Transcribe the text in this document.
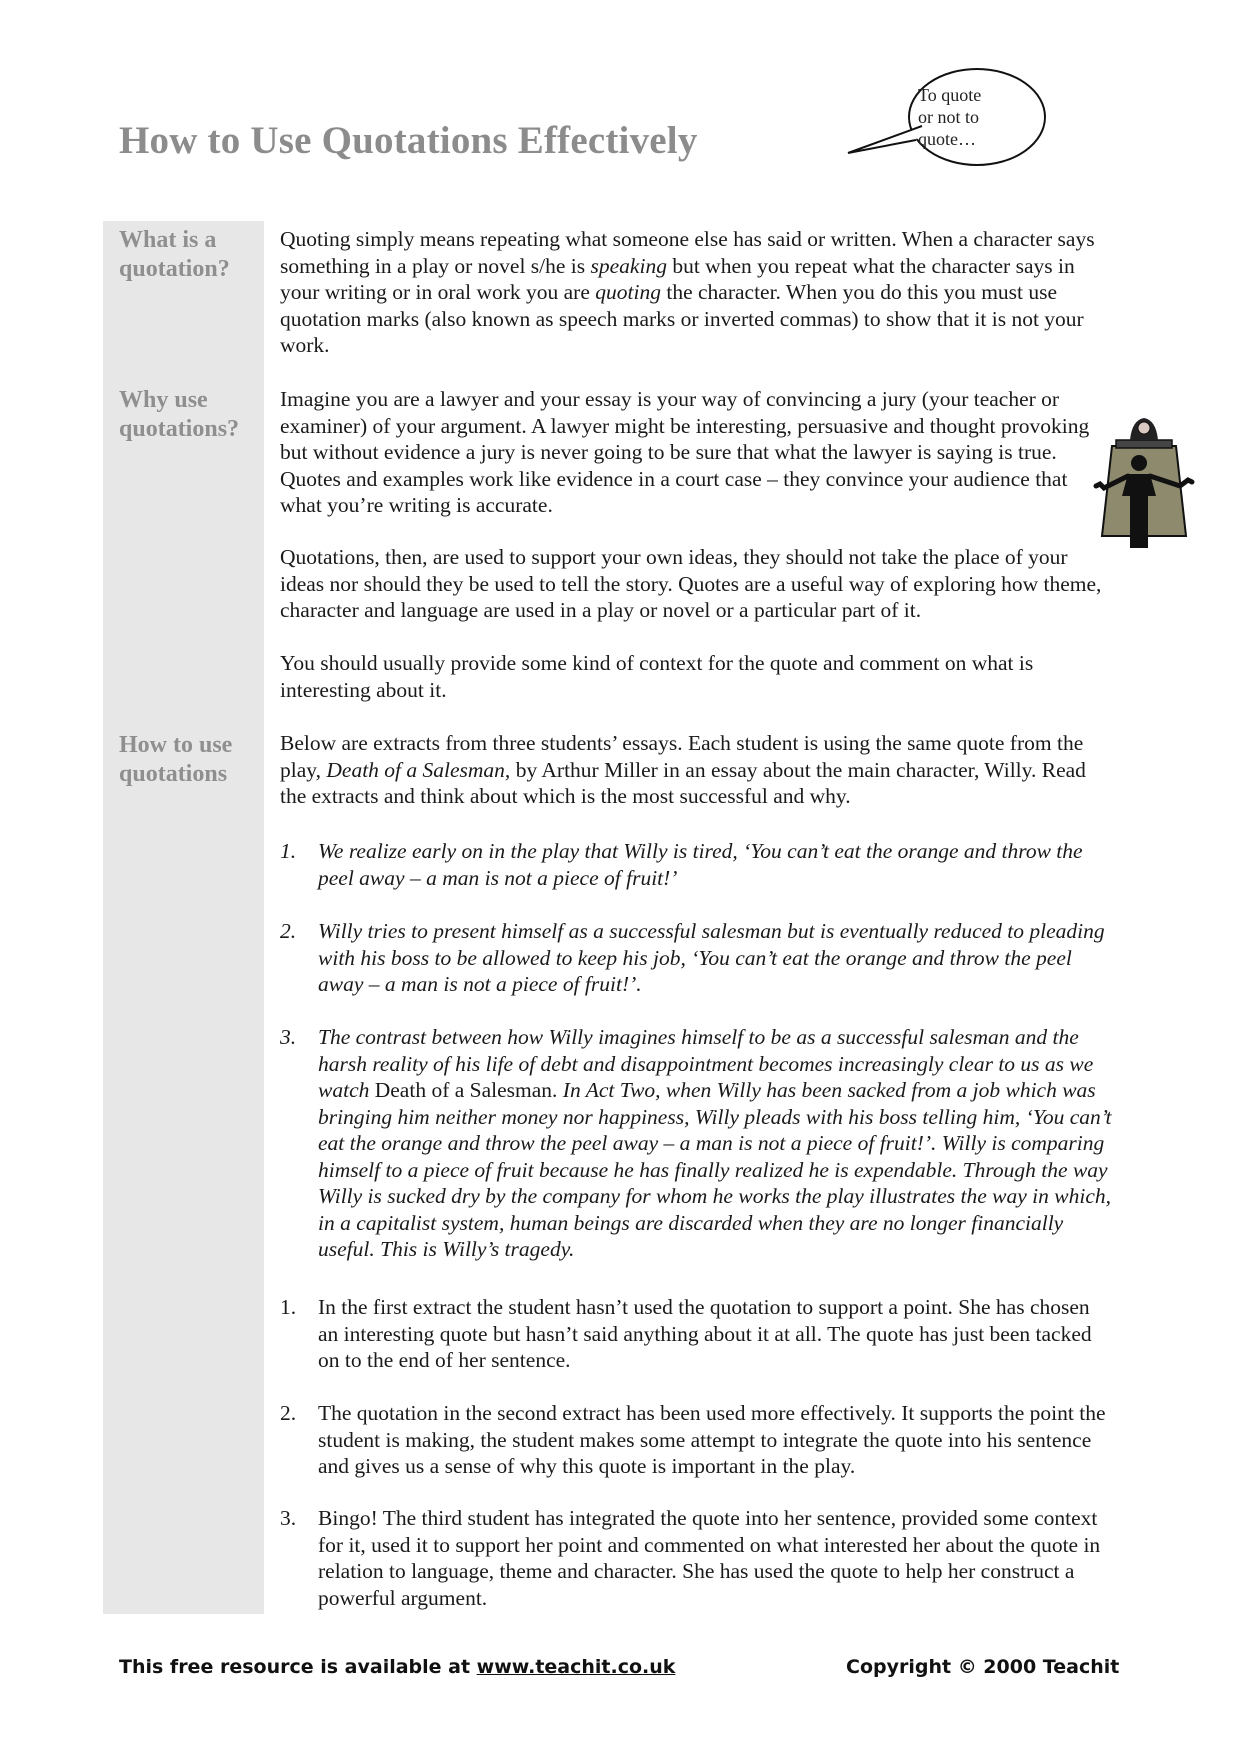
How to Use Quotations Effectively
To quote
or not to
quote…
What is a
quotation?
Why use
quotations?
How to use
quotations

Quoting simply means repeating what someone else has said or written. When a character says something in a play or novel s/he is speaking but when you repeat what the character says in your writing or in oral work you are quoting the character. When you do this you must use quotation marks (also known as speech marks or inverted commas) to show that it is not your work.

Imagine you are a lawyer and your essay is your way of convincing a jury (your teacher or examiner) of your argument. A lawyer might be interesting, persuasive and thought provoking but without evidence a jury is never going to be sure that what the lawyer is saying is true. Quotes and examples work like evidence in a court case – they convince your audience that what you’re writing is accurate.

Quotations, then, are used to support your own ideas, they should not take the place of your ideas nor should they be used to tell the story. Quotes are a useful way of exploring how theme, character and language are used in a play or novel or a particular part of it.

You should usually provide some kind of context for the quote and comment on what is interesting about it.

Below are extracts from three students’ essays. Each student is using the same quote from the play, Death of a Salesman, by Arthur Miller in an essay about the main character, Willy. Read the extracts and think about which is the most successful and why.

1.	We realize early on in the play that Willy is tired, ‘You can’t eat the orange and throw the peel away – a man is not a piece of fruit!’
2.	Willy tries to present himself as a successful salesman but is eventually reduced to pleading with his boss to be allowed to keep his job, ‘You can’t eat the orange and throw the peel away – a man is not a piece of fruit!’.
3.	The contrast between how Willy imagines himself to be as a successful salesman and the harsh reality of his life of debt and disappointment becomes increasingly clear to us as we watch Death of a Salesman. In Act Two, when Willy has been sacked from a job which was bringing him neither money nor happiness, Willy pleads with his boss telling him, ‘You can’t eat the orange and throw the peel away – a man is not a piece of fruit!’. Willy is comparing himself to a piece of fruit because he has finally realized he is expendable. Through the way Willy is sucked dry by the company for whom he works the play illustrates the way in which, in a capitalist system, human beings are discarded when they are no longer financially useful. This is Willy’s tragedy.
1.	In the first extract the student hasn’t used the quotation to support a point. She has chosen an interesting quote but hasn’t said anything about it at all. The quote has just been tacked on to the end of her sentence.
2.	The quotation in the second extract has been used more effectively. It supports the point the student is making, the student makes some attempt to integrate the quote into his sentence and gives us a sense of why this quote is important in the play.
3.	Bingo! The third student has integrated the quote into her sentence, provided some context for it, used it to support her point and commented on what interested her about the quote in relation to language, theme and character. She has used the quote to help her construct a powerful argument.
This free resource is available at www.teachit.co.uk	Copyright © 2000 Teachit
